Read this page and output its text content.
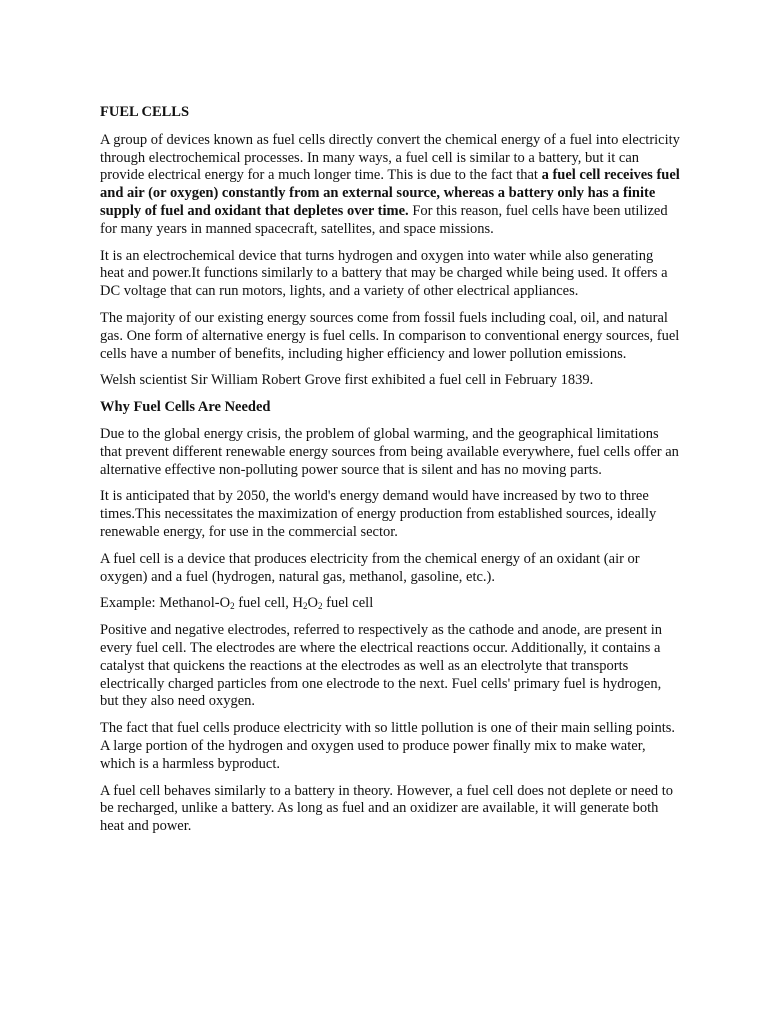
FUEL CELLS

A group of devices known as fuel cells directly convert the chemical energy of a fuel into electricity through electrochemical processes. In many ways, a fuel cell is similar to a battery, but it can provide electrical energy for a much longer time. This is due to the fact that a fuel cell receives fuel and air (or oxygen) constantly from an external source, whereas a battery only has a finite supply of fuel and oxidant that depletes over time. For this reason, fuel cells have been utilized for many years in manned spacecraft, satellites, and space missions.

It is an electrochemical device that turns hydrogen and oxygen into water while also generating heat and power.It functions similarly to a battery that may be charged while being used. It offers a DC voltage that can run motors, lights, and a variety of other electrical appliances.

The majority of our existing energy sources come from fossil fuels including coal, oil, and natural gas. One form of alternative energy is fuel cells. In comparison to conventional energy sources, fuel cells have a number of benefits, including higher efficiency and lower pollution emissions.

Welsh scientist Sir William Robert Grove first exhibited a fuel cell in February 1839.

Why Fuel Cells Are Needed

Due to the global energy crisis, the problem of global warming, and the geographical limitations that prevent different renewable energy sources from being available everywhere, fuel cells offer an alternative effective non-polluting power source that is silent and has no moving parts.

It is anticipated that by 2050, the world's energy demand would have increased by two to three times.This necessitates the maximization of energy production from established sources, ideally renewable energy, for use in the commercial sector.

A fuel cell is a device that produces electricity from the chemical energy of an oxidant (air or oxygen) and a fuel (hydrogen, natural gas, methanol, gasoline, etc.).

Example: Methanol-$O_2$ fuel cell, $H_2O_2$ fuel cell

Positive and negative electrodes, referred to respectively as the cathode and anode, are present in every fuel cell. The electrodes are where the electrical reactions occur. Additionally, it contains a catalyst that quickens the reactions at the electrodes as well as an electrolyte that transports electrically charged particles from one electrode to the next. Fuel cells' primary fuel is hydrogen, but they also need oxygen.

The fact that fuel cells produce electricity with so little pollution is one of their main selling points. A large portion of the hydrogen and oxygen used to produce power finally mix to make water, which is a harmless byproduct.

A fuel cell behaves similarly to a battery in theory. However, a fuel cell does not deplete or need to be recharged, unlike a battery. As long as fuel and an oxidizer are available, it will generate both heat and power.
